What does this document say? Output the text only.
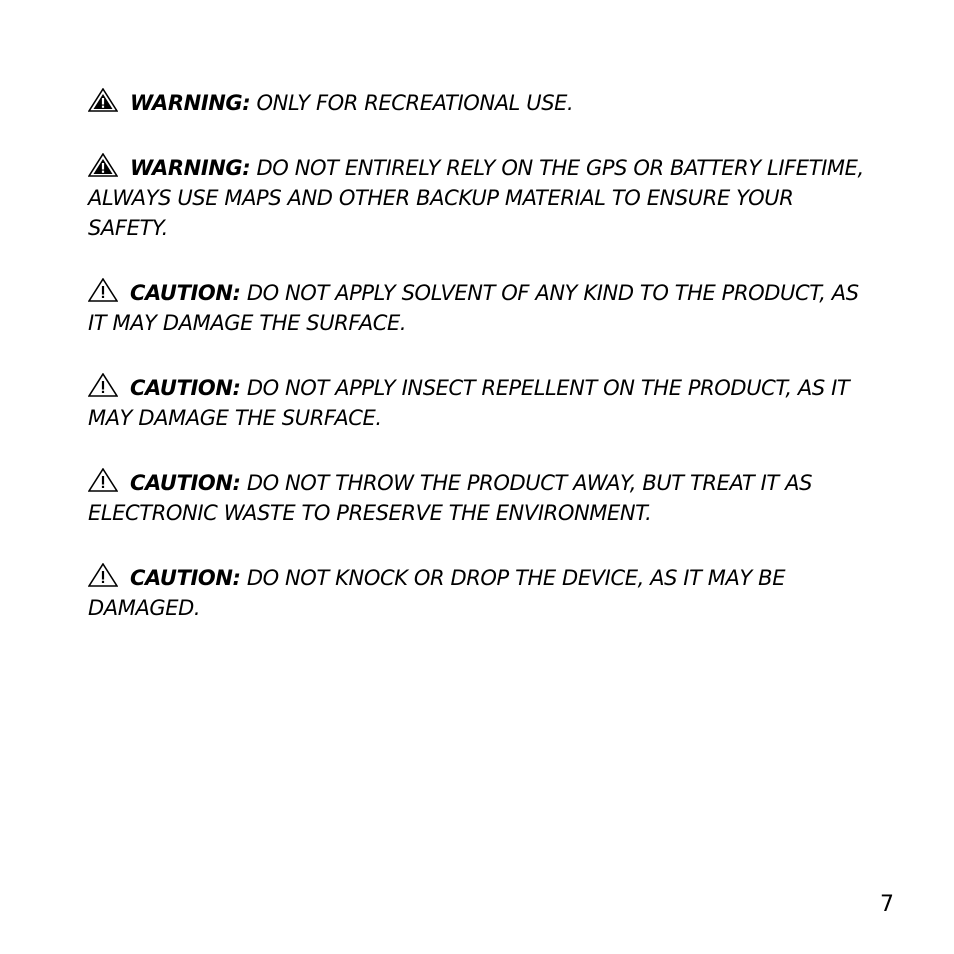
WARNING: ONLY FOR RECREATIONAL USE.

WARNING: DO NOT ENTIRELY RELY ON THE GPS OR BATTERY LIFETIME, ALWAYS USE MAPS AND OTHER BACKUP MATERIAL TO ENSURE YOUR SAFETY.

CAUTION: DO NOT APPLY SOLVENT OF ANY KIND TO THE PRODUCT, AS IT MAY DAMAGE THE SURFACE.

CAUTION: DO NOT APPLY INSECT REPELLENT ON THE PRODUCT, AS IT MAY DAMAGE THE SURFACE.

CAUTION: DO NOT THROW THE PRODUCT AWAY, BUT TREAT IT AS ELECTRONIC WASTE TO PRESERVE THE ENVIRONMENT.

CAUTION: DO NOT KNOCK OR DROP THE DEVICE, AS IT MAY BE DAMAGED.

7
